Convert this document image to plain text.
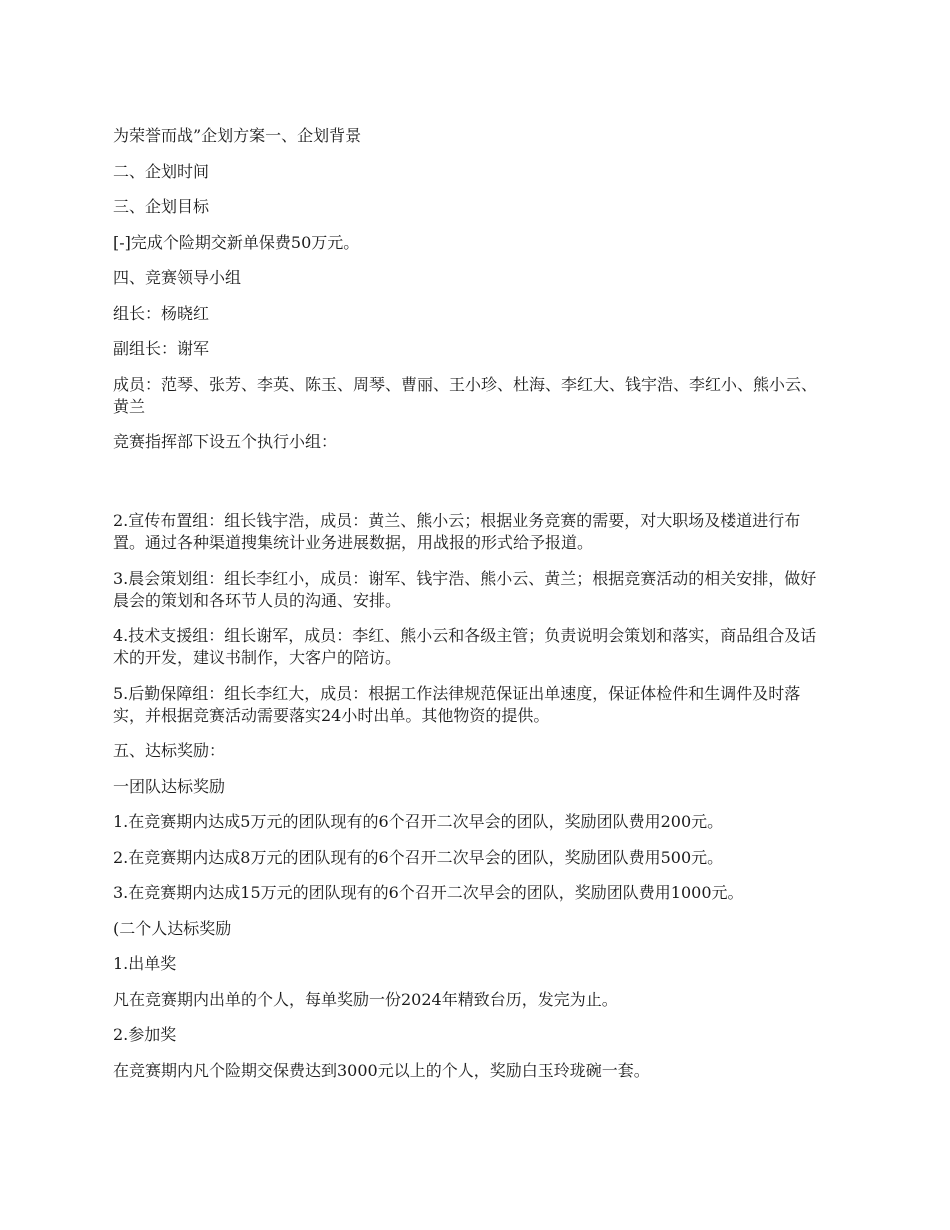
为荣誉而战”企划方案一、企划背景

二、企划时间

三、企划目标

[-]完成个险期交新单保费50万元。

四、竞赛领导小组

组长：杨晓红

副组长：谢军

成员：范琴、张芳、李英、陈玉、周琴、曹丽、王小珍、杜海、李红大、钱宇浩、李红小、熊小云、黄兰

竞赛指挥部下设五个执行小组：

2.宣传布置组：组长钱宇浩，成员：黄兰、熊小云；根据业务竞赛的需要，对大职场及楼道进行布置。通过各种渠道搜集统计业务进展数据，用战报的形式给予报道。

3.晨会策划组：组长李红小，成员：谢军、钱宇浩、熊小云、黄兰；根据竞赛活动的相关安排，做好晨会的策划和各环节人员的沟通、安排。

4.技术支援组：组长谢军，成员：李红、熊小云和各级主管；负责说明会策划和落实，商品组合及话术的开发，建议书制作，大客户的陪访。

5.后勤保障组：组长李红大，成员：根据工作法律规范保证出单速度，保证体检件和生调件及时落实，并根据竞赛活动需要落实24小时出单。其他物资的提供。

五、达标奖励：

一团队达标奖励

1.在竞赛期内达成5万元的团队现有的6个召开二次早会的团队，奖励团队费用200元。

2.在竞赛期内达成8万元的团队现有的6个召开二次早会的团队，奖励团队费用500元。

3.在竞赛期内达成15万元的团队现有的6个召开二次早会的团队，奖励团队费用1000元。

(二个人达标奖励

1.出单奖

凡在竞赛期内出单的个人，每单奖励一份2024年精致台历，发完为止。

2.参加奖

在竞赛期内凡个险期交保费达到3000元以上的个人，奖励白玉玲珑碗一套。
